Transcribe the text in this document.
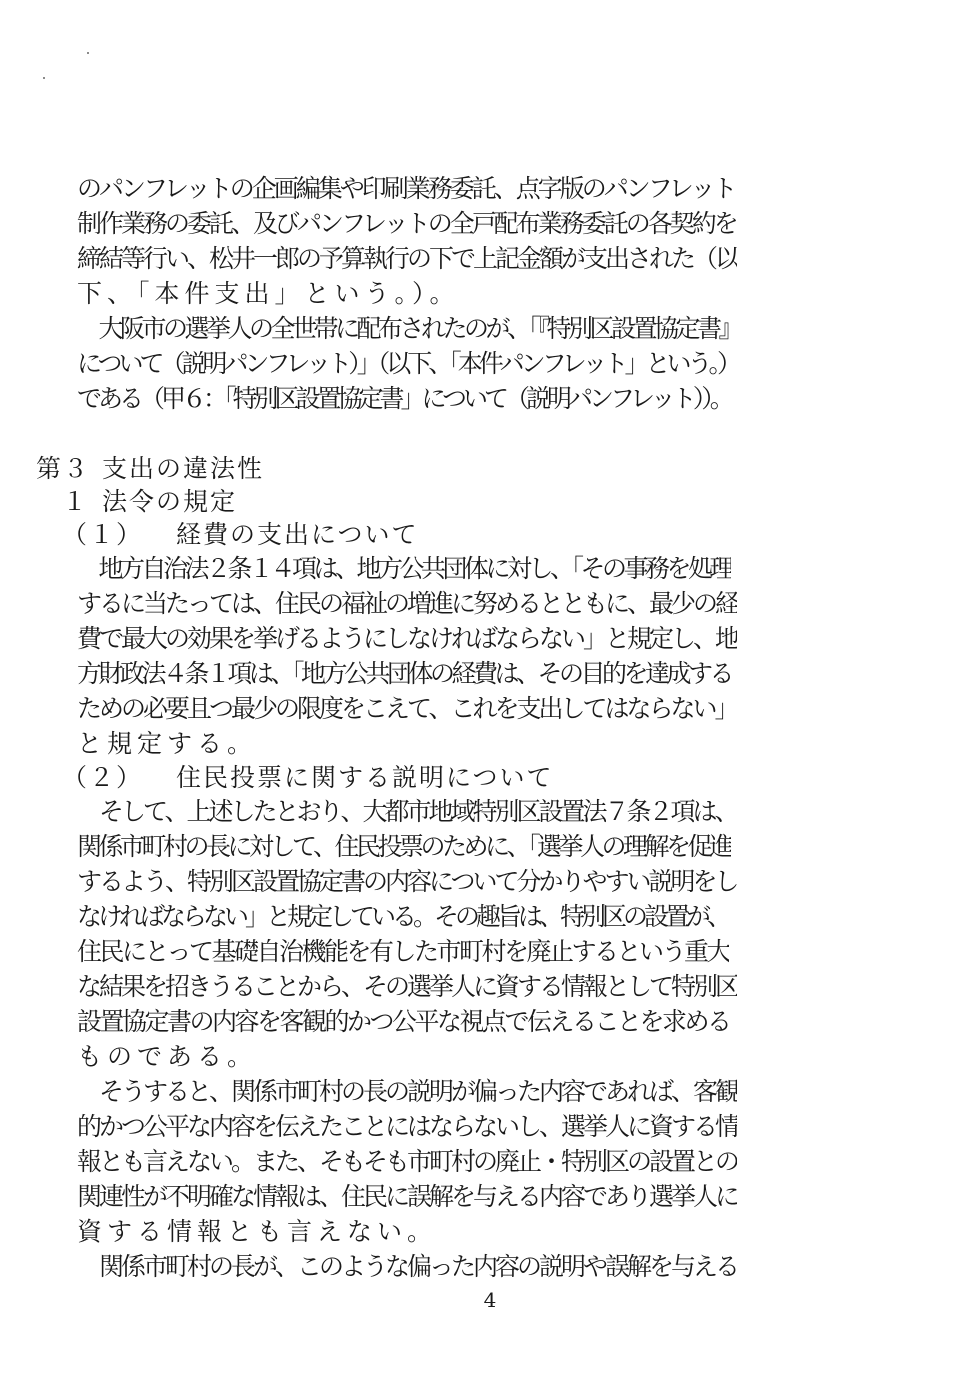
のパンフレットの企画編集や印刷業務委託、点字版のパンフレット

制作業務の委託、及びパンフレットの全戸配布業務委託の各契約を

締結等行い、松井一郎の予算執行の下で上記金額が支出された（以

下、「本件支出」という。）。

　大阪市の選挙人の全世帯に配布されたのが、「『特別区設置協定書』

について（説明パンフレット）」（以下、「本件パンフレット」という。）

である（甲６：「特別区設置協定書」について（説明パンフレット））。

第３ 支出の違法性
１ 法令の規定
（１） 経費の支出について

　地方自治法２条１４項は、地方公共団体に対し、「その事務を処理

するに当たっては、住民の福祉の増進に努めるとともに、最少の経

費で最大の効果を挙げるようにしなければならない」と規定し、地

方財政法４条１項は、「地方公共団体の経費は、その目的を達成する

ための必要且つ最少の限度をこえて、これを支出してはならない」

と規定する。

（２） 住民投票に関する説明について

　そして、上述したとおり、大都市地域特別区設置法７条２項は、

関係市町村の長に対して、住民投票のために、「選挙人の理解を促進

するよう、特別区設置協定書の内容について分かりやすい説明をし

なければならない」と規定している。その趣旨は、特別区の設置が、

住民にとって基礎自治機能を有した市町村を廃止するという重大

な結果を招きうることから、その選挙人に資する情報として特別区

設置協定書の内容を客観的かつ公平な視点で伝えることを求める

ものである。

　そうすると、関係市町村の長の説明が偏った内容であれば、客観

的かつ公平な内容を伝えたことにはならないし、選挙人に資する情

報とも言えない。また、そもそも市町村の廃止・特別区の設置との

関連性が不明確な情報は、住民に誤解を与える内容であり選挙人に

資する情報とも言えない。

　関係市町村の長が、このような偏った内容の説明や誤解を与える

4
